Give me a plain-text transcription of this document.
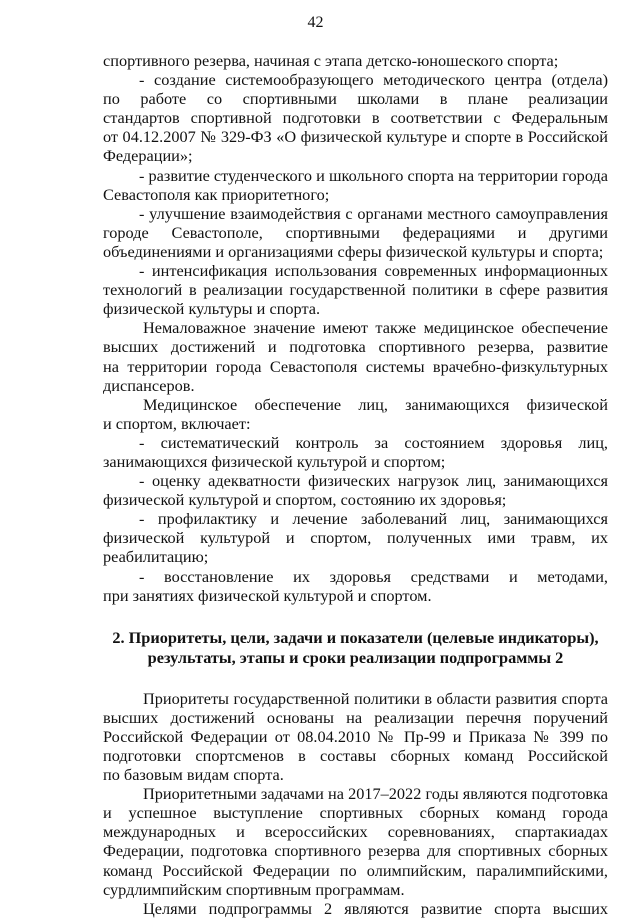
42
спортивного резерва, начиная с этапа детско-юношеского спорта;
- создание системообразующего методического центра (отдела)
по работе со спортивными школами в плане реализации
стандартов спортивной подготовки в соответствии с Федеральным
от 04.12.2007 № 329-ФЗ «О физической культуре и спорте в Российской
Федерации»;
- развитие студенческого и школьного спорта на территории города
Севастополя как приоритетного;
- улучшение взаимодействия с органами местного самоуправления
городе Севастополе, спортивными федерациями и другими
объединениями и организациями сферы физической культуры и спорта;
- интенсификация использования современных информационных
технологий в реализации государственной политики в сфере развития
физической культуры и спорта.
Немаловажное значение имеют также медицинское обеспечение
высших достижений и подготовка спортивного резерва, развитие
на территории города Севастополя системы врачебно-физкультурных
диспансеров.
Медицинское обеспечение лиц, занимающихся физической
и спортом, включает:
- систематический контроль за состоянием здоровья лиц,
занимающихся физической культурой и спортом;
- оценку адекватности физических нагрузок лиц, занимающихся
физической культурой и спортом, состоянию их здоровья;
- профилактику и лечение заболеваний лиц, занимающихся
физической культурой и спортом, полученных ими травм, их
реабилитацию;
- восстановление их здоровья средствами и методами,
при занятиях физической культурой и спортом.
2. Приоритеты, цели, задачи и показатели (целевые индикаторы),
результаты, этапы и сроки реализации подпрограммы 2
Приоритеты государственной политики в области развития спорта
высших достижений основаны на реализации перечня поручений
Российской Федерации от 08.04.2010 № Пр-99 и Приказа № 399 по
подготовки спортсменов в составы сборных команд Российской
по базовым видам спорта.
Приоритетными задачами на 2017–2022 годы являются подготовка
и успешное выступление спортивных сборных команд города
международных и всероссийских соревнованиях, спартакиадах
Федерации, подготовка спортивного резерва для спортивных сборных
команд Российской Федерации по олимпийским, паралимпийскими,
сурдлимпийским спортивным программам.
Целями подпрограммы 2 являются развитие спорта высших
